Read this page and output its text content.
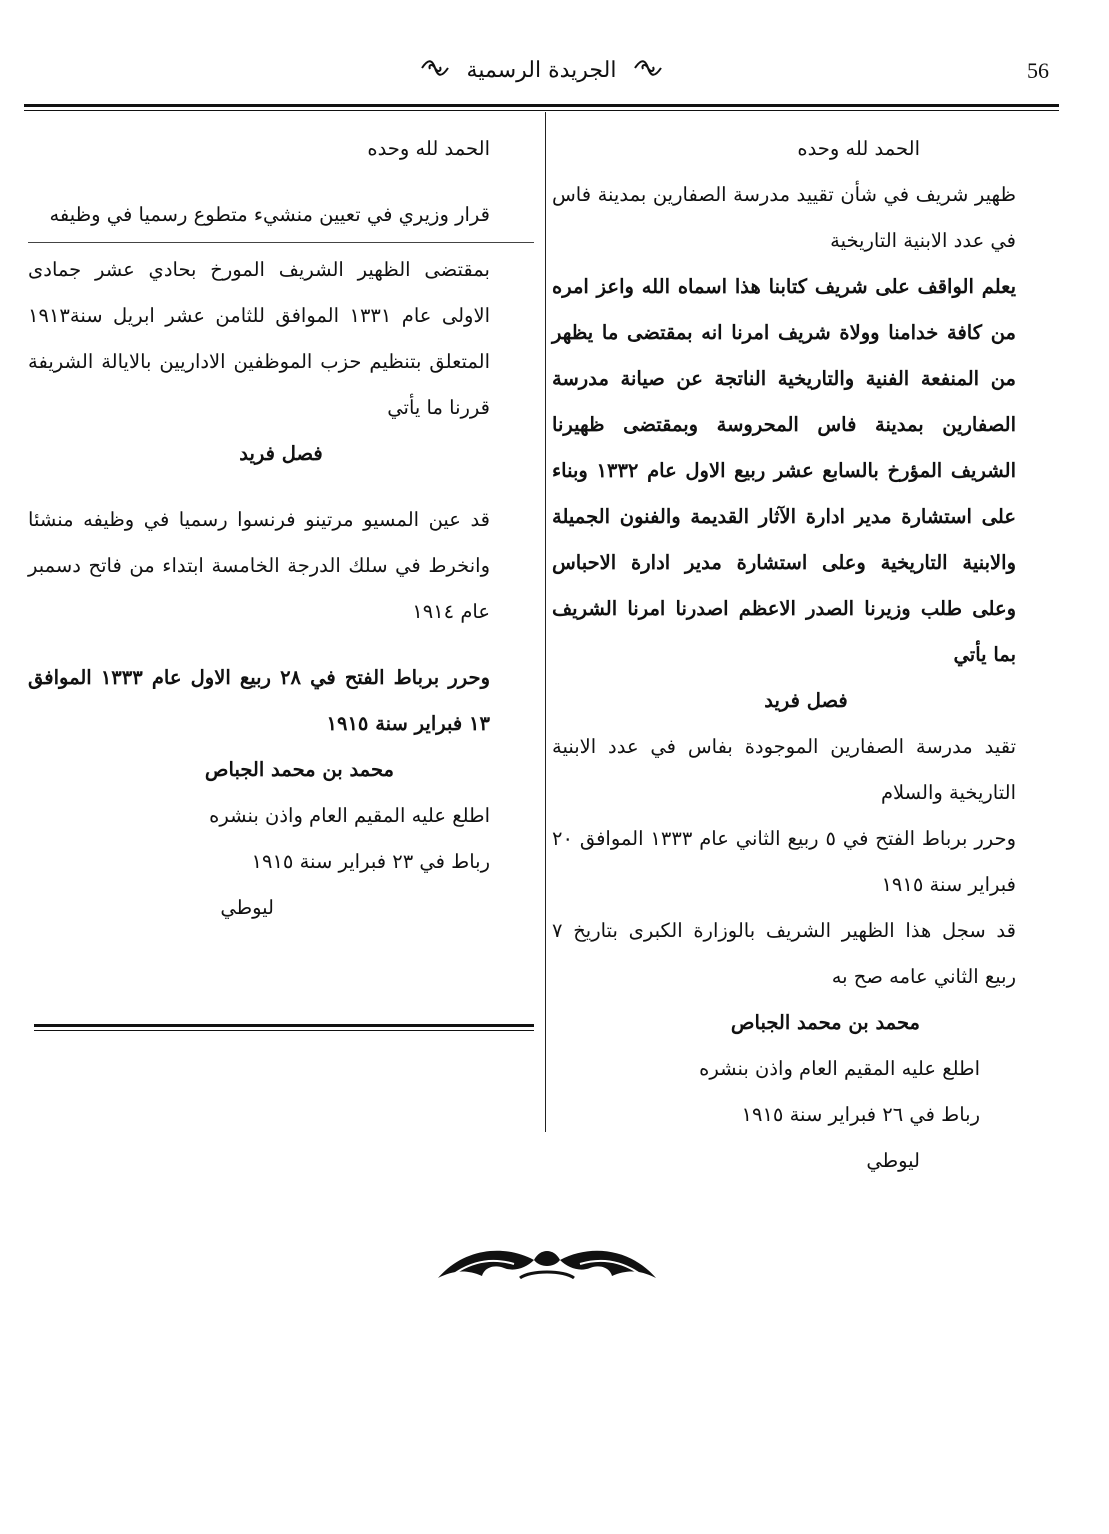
56
الجريدة الرسمية

الحمد لله وحده

ظهير شريف في شأن تقييد مدرسة الصفارين بمدينة فاس في عدد الابنية التاريخية

يعلم الواقف على شريف كتابنا هذا اسماه الله واعز امره من كافة خدامنا وولاة شريف امرنا انه بمقتضى ما يظهر من المنفعة الفنية والتاريخية الناتجة عن صيانة مدرسة الصفارين بمدينة فاس المحروسة وبمقتضى ظهيرنا الشريف المؤرخ بالسابع عشر ربيع الاول عام ١٣٣٢ وبناء على استشارة مدير ادارة الآثار القديمة والفنون الجميلة والابنية التاريخية وعلى استشارة مدير ادارة الاحباس وعلى طلب وزيرنا الصدر الاعظم اصدرنا امرنا الشريف بما يأتي

فصل فريد

تقيد مدرسة الصفارين الموجودة بفاس في عدد الابنية التاريخية والسلام

وحرر برباط الفتح في ٥ ربيع الثاني عام ١٣٣٣ الموافق ٢٠ فبراير سنة ١٩١٥

قد سجل هذا الظهير الشريف بالوزارة الكبرى بتاريخ ٧ ربيع الثاني عامه صح به

محمد بن محمد الجباص

اطلع عليه المقيم العام واذن بنشره

رباط في ٢٦ فبراير سنة ١٩١٥

ليوطي

الحمد لله وحده

قرار وزيري في تعيين منشيء متطوع رسميا في وظيفه

بمقتضى الظهير الشريف المورخ بحادي عشر جمادى الاولى عام ١٣٣١ الموافق للثامن عشر ابريل سنة١٩١٣ المتعلق بتنظيم حزب الموظفين الاداريين بالايالة الشريفة قررنا ما يأتي

فصل فريد

قد عين المسيو مرتينو فرنسوا رسميا في وظيفه منشئا وانخرط في سلك الدرجة الخامسة ابتداء من فاتح دسمبر عام ١٩١٤

وحرر برباط الفتح في ٢٨ ربيع الاول عام ١٣٣٣ الموافق ١٣ فبراير سنة ١٩١٥

محمد بن محمد الجباص

اطلع عليه المقيم العام واذن بنشره

رباط في ٢٣ فبراير سنة ١٩١٥

ليوطي
